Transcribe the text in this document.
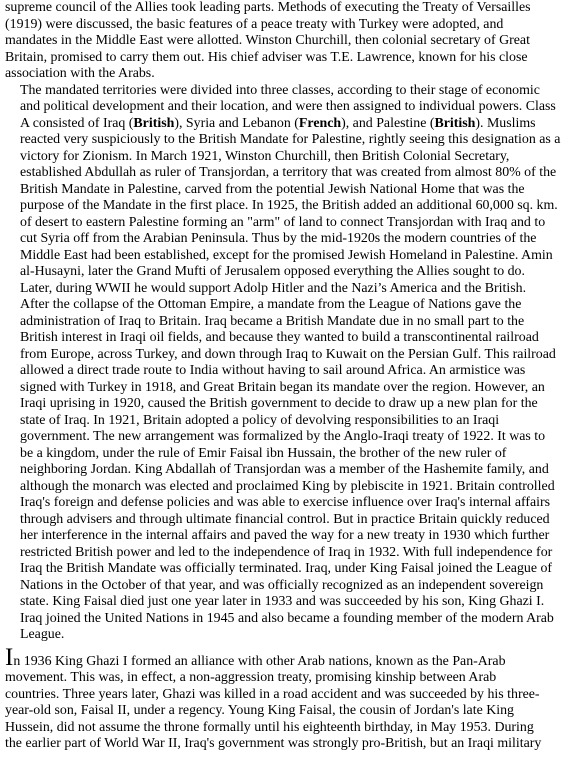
supreme council of the Allies took leading parts. Methods of executing the Treaty of Versailles
(1919) were discussed, the basic features of a peace treaty with Turkey were adopted, and
mandates in the Middle East were allotted. Winston Churchill, then colonial secretary of Great
Britain, promised to carry them out. His chief adviser was T.E. Lawrence, known for his close
association with the Arabs.

The mandated territories were divided into three classes, according to their stage of economic
and political development and their location, and were then assigned to individual powers. Class
A consisted of Iraq (British), Syria and Lebanon (French), and Palestine (British). Muslims
reacted very suspiciously to the British Mandate for Palestine, rightly seeing this designation as a
victory for Zionism. In March 1921, Winston Churchill, then British Colonial Secretary,
established Abdullah as ruler of Transjordan, a territory that was created from almost 80% of the
British Mandate in Palestine, carved from the potential Jewish National Home that was the
purpose of the Mandate in the first place. In 1925, the British added an additional 60,000 sq. km.
of desert to eastern Palestine forming an "arm" of land to connect Transjordan with Iraq and to
cut Syria off from the Arabian Peninsula. Thus by the mid-1920s the modern countries of the
Middle East had been established, except for the promised Jewish Homeland in Palestine. Amin
al-Husayni, later the Grand Mufti of Jerusalem opposed everything the Allies sought to do.
Later, during WWII he would support Adolp Hitler and the Nazi’s America and the British.

After the collapse of the Ottoman Empire, a mandate from the League of Nations gave the
administration of Iraq to Britain. Iraq became a British Mandate due in no small part to the
British interest in Iraqi oil fields, and because they wanted to build a transcontinental railroad
from Europe, across Turkey, and down through Iraq to Kuwait on the Persian Gulf. This railroad
allowed a direct trade route to India without having to sail around Africa. An armistice was
signed with Turkey in 1918, and Great Britain began its mandate over the region. However, an
Iraqi uprising in 1920, caused the British government to decide to draw up a new plan for the
state of Iraq. In 1921, Britain adopted a policy of devolving responsibilities to an Iraqi
government. The new arrangement was formalized by the Anglo-Iraqi treaty of 1922. It was to
be a kingdom, under the rule of Emir Faisal ibn Hussain, the brother of the new ruler of
neighboring Jordan. King Abdallah of Transjordan was a member of the Hashemite family, and
although the monarch was elected and proclaimed King by plebiscite in 1921. Britain controlled
Iraq's foreign and defense policies and was able to exercise influence over Iraq's internal affairs
through advisers and through ultimate financial control. But in practice Britain quickly reduced
her interference in the internal affairs and paved the way for a new treaty in 1930 which further
restricted British power and led to the independence of Iraq in 1932. With full independence for
Iraq the British Mandate was officially terminated. Iraq, under King Faisal joined the League of
Nations in the October of that year, and was officially recognized as an independent sovereign
state. King Faisal died just one year later in 1933 and was succeeded by his son, King Ghazi I.
Iraq joined the United Nations in 1945 and also became a founding member of the modern Arab
League.

In 1936 King Ghazi I formed an alliance with other Arab nations, known as the Pan-Arab
movement. This was, in effect, a non-aggression treaty, promising kinship between Arab
countries. Three years later, Ghazi was killed in a road accident and was succeeded by his three-
year-old son, Faisal II, under a regency. Young King Faisal, the cousin of Jordan's late King
Hussein, did not assume the throne formally until his eighteenth birthday, in May 1953. During
the earlier part of World War II, Iraq's government was strongly pro-British, but an Iraqi military
